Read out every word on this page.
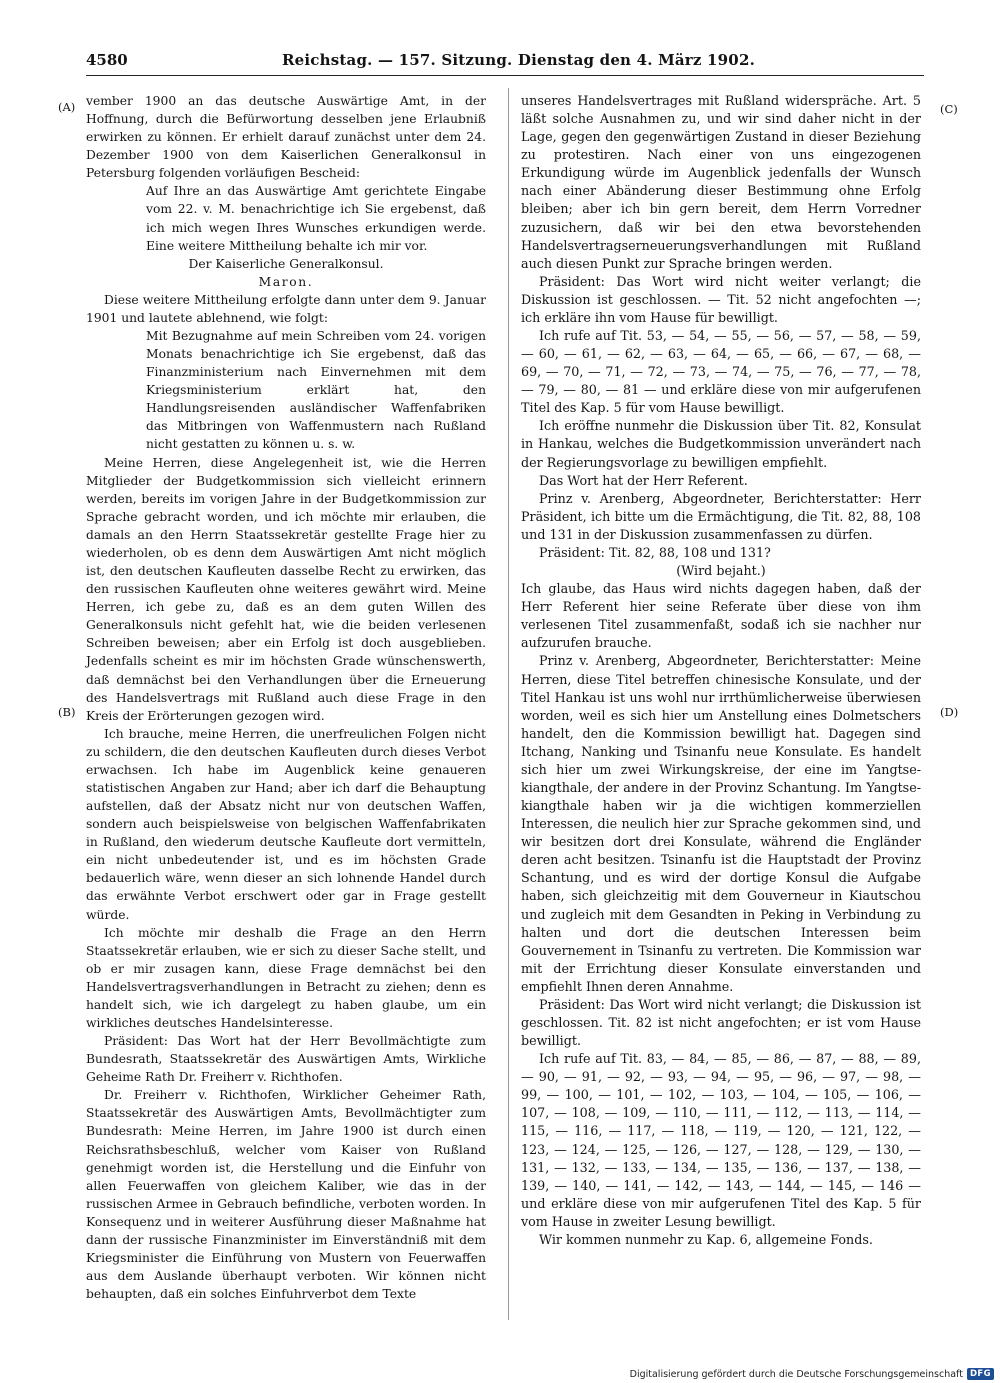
4580	Reichstag. — 157. Sitzung. Dienstag den 4. März 1902.
(A)
(B)
(C)
(D)

vember 1900 an das deutsche Auswärtige Amt, in der Hoffnung, durch die Befürwortung desselben jene Erlaubniß erwirken zu können. Er erhielt darauf zunächst unter dem 24. Dezember 1900 von dem Kaiserlichen Generalkonsul in Petersburg folgenden vorläufigen Bescheid:

Auf Ihre an das Auswärtige Amt gerichtete Eingabe vom 22. v. M. benachrichtige ich Sie ergebenst, daß ich mich wegen Ihres Wunsches erkundigen werde. Eine weitere Mittheilung behalte ich mir vor.

Der Kaiserliche Generalkonsul.

Maron.

Diese weitere Mittheilung erfolgte dann unter dem 9. Januar 1901 und lautete ablehnend, wie folgt:

Mit Bezugnahme auf mein Schreiben vom 24. vorigen Monats benachrichtige ich Sie ergebenst, daß das Finanzministerium nach Einvernehmen mit dem Kriegsministerium erklärt hat, den Handlungsreisenden ausländischer Waffenfabriken das Mitbringen von Waffenmustern nach Rußland nicht gestatten zu können u. s. w.

Meine Herren, diese Angelegenheit ist, wie die Herren Mitglieder der Budgetkommission sich vielleicht erinnern werden, bereits im vorigen Jahre in der Budgetkommission zur Sprache gebracht worden, und ich möchte mir erlauben, die damals an den Herrn Staatssekretär gestellte Frage hier zu wiederholen, ob es denn dem Auswärtigen Amt nicht möglich ist, den deutschen Kaufleuten dasselbe Recht zu erwirken, das den russischen Kaufleuten ohne weiteres gewährt wird. Meine Herren, ich gebe zu, daß es an dem guten Willen des Generalkonsuls nicht gefehlt hat, wie die beiden verlesenen Schreiben beweisen; aber ein Erfolg ist doch ausgeblieben. Jedenfalls scheint es mir im höchsten Grade wünschenswerth, daß demnächst bei den Verhandlungen über die Erneuerung des Handelsvertrags mit Rußland auch diese Frage in den Kreis der Erörterungen gezogen wird.

Ich brauche, meine Herren, die unerfreulichen Folgen nicht zu schildern, die den deutschen Kaufleuten durch dieses Verbot erwachsen. Ich habe im Augenblick keine genaueren statistischen Angaben zur Hand; aber ich darf die Behauptung aufstellen, daß der Absatz nicht nur von deutschen Waffen, sondern auch beispielsweise von belgischen Waffenfabrikaten in Rußland, den wiederum deutsche Kaufleute dort vermitteln, ein nicht unbedeutender ist, und es im höchsten Grade bedauerlich wäre, wenn dieser an sich lohnende Handel durch das erwähnte Verbot erschwert oder gar in Frage gestellt würde.

Ich möchte mir deshalb die Frage an den Herrn Staatssekretär erlauben, wie er sich zu dieser Sache stellt, und ob er mir zusagen kann, diese Frage demnächst bei den Handelsvertragsverhandlungen in Betracht zu ziehen; denn es handelt sich, wie ich dargelegt zu haben glaube, um ein wirkliches deutsches Handelsinteresse.

Präsident: Das Wort hat der Herr Bevollmächtigte zum Bundesrath, Staatssekretär des Auswärtigen Amts, Wirkliche Geheime Rath Dr. Freiherr v. Richthofen.

Dr. Freiherr v. Richthofen, Wirklicher Geheimer Rath, Staatssekretär des Auswärtigen Amts, Bevollmächtigter zum Bundesrath: Meine Herren, im Jahre 1900 ist durch einen Reichsrathsbeschluß, welcher vom Kaiser von Rußland genehmigt worden ist, die Herstellung und die Einfuhr von allen Feuerwaffen von gleichem Kaliber, wie das in der russischen Armee in Gebrauch befindliche, verboten worden. In Konsequenz und in weiterer Ausführung dieser Maßnahme hat dann der russische Finanzminister im Einverständniß mit dem Kriegsminister die Einführung von Mustern von Feuerwaffen aus dem Auslande überhaupt verboten. Wir können nicht behaupten, daß ein solches Einfuhrverbot dem Texte

unseres Handelsvertrages mit Rußland widerspräche. Art. 5 läßt solche Ausnahmen zu, und wir sind daher nicht in der Lage, gegen den gegenwärtigen Zustand in dieser Beziehung zu protestiren. Nach einer von uns eingezogenen Erkundigung würde im Augenblick jedenfalls der Wunsch nach einer Abänderung dieser Bestimmung ohne Erfolg bleiben; aber ich bin gern bereit, dem Herrn Vorredner zuzusichern, daß wir bei den etwa bevorstehenden Handelsvertragserneuerungsverhandlungen mit Rußland auch diesen Punkt zur Sprache bringen werden.

Präsident: Das Wort wird nicht weiter verlangt; die Diskussion ist geschlossen. — Tit. 52 nicht angefochten —; ich erkläre ihn vom Hause für bewilligt.

Ich rufe auf Tit. 53, — 54, — 55, — 56, — 57, — 58, — 59, — 60, — 61, — 62, — 63, — 64, — 65, — 66, — 67, — 68, — 69, — 70, — 71, — 72, — 73, — 74, — 75, — 76, — 77, — 78, — 79, — 80, — 81 — und erkläre diese von mir aufgerufenen Titel des Kap. 5 für vom Hause bewilligt.

Ich eröffne nunmehr die Diskussion über Tit. 82, Konsulat in Hankau, welches die Budgetkommission unverändert nach der Regierungsvorlage zu bewilligen empfiehlt.

Das Wort hat der Herr Referent.

Prinz v. Arenberg, Abgeordneter, Berichterstatter: Herr Präsident, ich bitte um die Ermächtigung, die Tit. 82, 88, 108 und 131 in der Diskussion zusammenfassen zu dürfen.

Präsident: Tit. 82, 88, 108 und 131?

(Wird bejaht.)

Ich glaube, das Haus wird nichts dagegen haben, daß der Herr Referent hier seine Referate über diese von ihm verlesenen Titel zusammenfaßt, sodaß ich sie nachher nur aufzurufen brauche.

Prinz v. Arenberg, Abgeordneter, Berichterstatter: Meine Herren, diese Titel betreffen chinesische Konsulate, und der Titel Hankau ist uns wohl nur irrthümlicherweise überwiesen worden, weil es sich hier um Anstellung eines Dolmetschers handelt, den die Kommission bewilligt hat. Dagegen sind Itchang, Nanking und Tsinanfu neue Konsulate. Es handelt sich hier um zwei Wirkungskreise, der eine im Yangtse-kiangthale, der andere in der Provinz Schantung. Im Yangtse-kiangthale haben wir ja die wichtigen kommerziellen Interessen, die neulich hier zur Sprache gekommen sind, und wir besitzen dort drei Konsulate, während die Engländer deren acht besitzen. Tsinanfu ist die Hauptstadt der Provinz Schantung, und es wird der dortige Konsul die Aufgabe haben, sich gleichzeitig mit dem Gouverneur in Kiautschou und zugleich mit dem Gesandten in Peking in Verbindung zu halten und dort die deutschen Interessen beim Gouvernement in Tsinanfu zu vertreten. Die Kommission war mit der Errichtung dieser Konsulate einverstanden und empfiehlt Ihnen deren Annahme.

Präsident: Das Wort wird nicht verlangt; die Diskussion ist geschlossen. Tit. 82 ist nicht angefochten; er ist vom Hause bewilligt.

Ich rufe auf Tit. 83, — 84, — 85, — 86, — 87, — 88, — 89, — 90, — 91, — 92, — 93, — 94, — 95, — 96, — 97, — 98, — 99, — 100, — 101, — 102, — 103, — 104, — 105, — 106, — 107, — 108, — 109, — 110, — 111, — 112, — 113, — 114, — 115, — 116, — 117, — 118, — 119, — 120, — 121, 122, — 123, — 124, — 125, — 126, — 127, — 128, — 129, — 130, — 131, — 132, — 133, — 134, — 135, — 136, — 137, — 138, — 139, — 140, — 141, — 142, — 143, — 144, — 145, — 146 — und erkläre diese von mir aufgerufenen Titel des Kap. 5 für vom Hause in zweiter Lesung bewilligt.

Wir kommen nunmehr zu Kap. 6, allgemeine Fonds.

Digitalisierung gefördert durch die Deutsche Forschungsgemeinschaft DFG
